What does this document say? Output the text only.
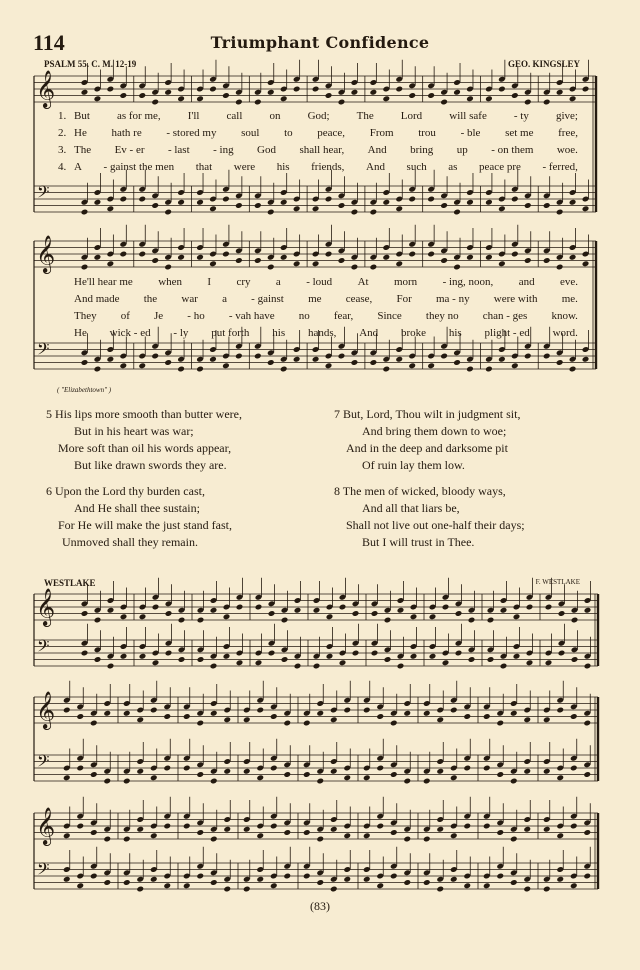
114	Triumphant Confidence
PSALM 55. C. M. 12-19	GEO. KINGSLEY
𝄞
𝄢
𝄞
𝄢
𝄞
𝄢
𝄞
𝄢
𝄞
𝄢
1. But as for me, I'll call on God; The Lord will safe - ty give;
2. He hath re - stored my soul to peace, From trou - ble set me free,
3. The Ev - er - last - ing God shall hear, And bring up - on them woe.
4. A - gainst the men that were his friends, And such as peace pre - ferred,
He'll hear me when I cry a - loud At morn - ing, noon, and eve.
And made the war a - gainst me cease, For ma - ny were with me.
They of Je - ho - vah have no fear, Since they no chan - ges know.
He wick - ed - ly put forth his hands, And broke his plight - ed word.
( "Elizabethtown" )
5 His lips more smooth than butter were,
But in his heart was war;
More soft than oil his words appear,
But like drawn swords they are.
6 Upon the Lord thy burden cast,
And He shall thee sustain;
For He will make the just stand fast,
Unmoved shall they remain.
7 But, Lord, Thou wilt in judgment sit,
And bring them down to woe;
And in the deep and darksome pit
Of ruin lay them low.
8 The men of wicked, bloody ways,
And all that liars be,
Shall not live out one-half their days;
But I will trust in Thee.
WESTLAKE	F. WESTLAKE
(83)
